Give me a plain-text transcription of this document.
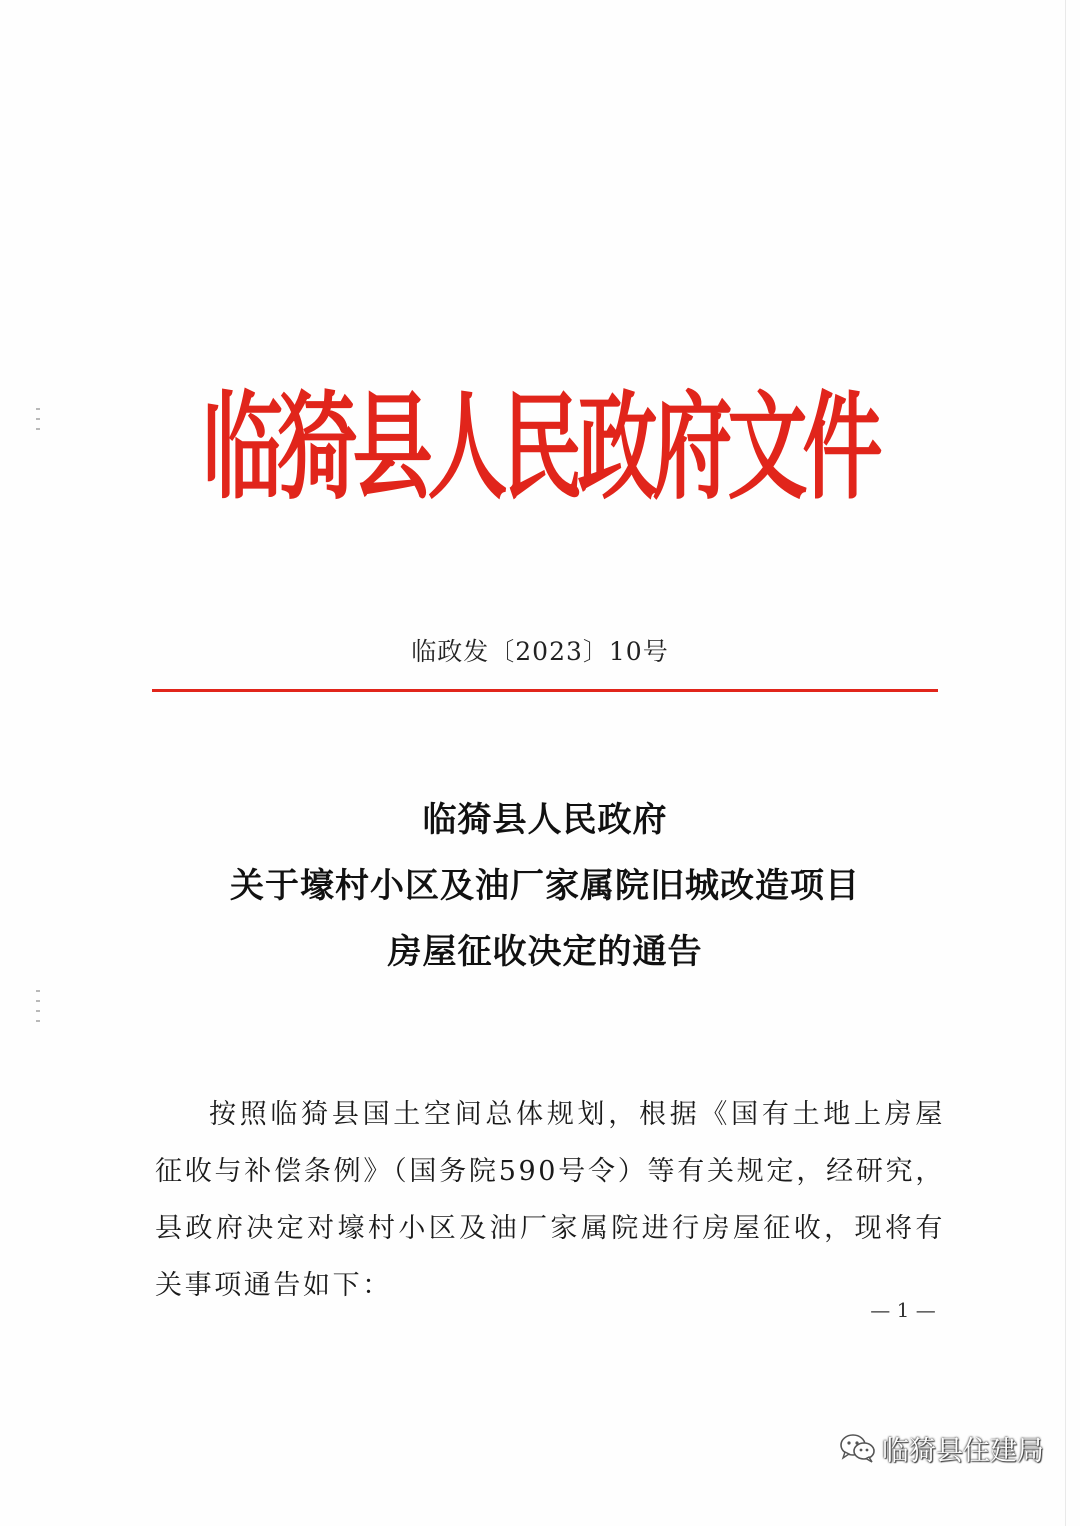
临猗县人民政府文件
临政发〔2023〕10号
临猗县人民政府
关于壕村小区及油厂家属院旧城改造项目
房屋征收决定的通告

按照临猗县国土空间总体规划，根据《国有土地上房屋征收与补偿条例》（国务院590号令）等有关规定，经研究，县政府决定对壕村小区及油厂家属院进行房屋征收，现将有关事项通告如下：

— 1 —
临猗县住建局
